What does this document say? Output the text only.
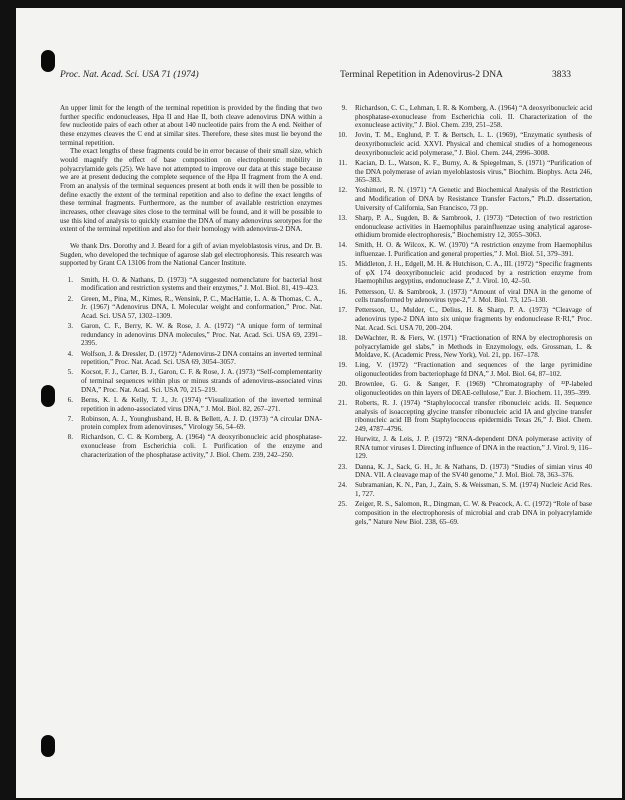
Proc. Nat. Acad. Sci. USA 71 (1974)	Terminal Repetition in Adenovirus-2 DNA	3833

An upper limit for the length of the terminal repetition is provided by the finding that two further specific endonucleases, Hpa II and Hae II, both cleave adenovirus DNA within a few nucleotide pairs of each other at about 140 nucleotide pairs from the A end. Neither of these enzymes cleaves the C end at similar sites. Therefore, these sites must lie beyond the terminal repetition.

The exact lengths of these fragments could be in error because of their small size, which would magnify the effect of base composition on electrophoretic mobility in polyacrylamide gels (25). We have not attempted to improve our data at this stage because we are at present deducing the complete sequence of the Hpa II fragment from the A end. From an analysis of the terminal sequences present at both ends it will then be possible to define exactly the extent of the terminal repetition and also to define the exact lengths of these terminal fragments. Furthermore, as the number of available restriction enzymes increases, other cleavage sites close to the terminal will be found, and it will be possible to use this kind of analysis to quickly examine the DNA of many adenovirus serotypes for the extent of the terminal repetition and also for their homology with adenovirus-2 DNA.

We thank Drs. Dorothy and J. Beard for a gift of avian myeloblastosis virus, and Dr. B. Sugden, who developed the technique of agarose slab gel electrophoresis. This research was supported by Grant CA 13106 from the National Cancer Institute.

1. Smith, H. O. & Nathans, D. (1973) “A suggested nomenclature for bacterial host modification and restriction systems and their enzymes,” J. Mol. Biol. 81, 419–423.
2. Green, M., Pina, M., Kimes, R., Wensink, P. C., MacHattie, L. A. & Thomas, C. A., Jr. (1967) “Adenovirus DNA, I. Molecular weight and conformation,” Proc. Nat. Acad. Sci. USA 57, 1302–1309.
3. Garon, C. F., Berry, K. W. & Rose, J. A. (1972) “A unique form of terminal redundancy in adenovirus DNA molecules,” Proc. Nat. Acad. Sci. USA 69, 2391–2395.
4. Wolfson, J. & Dressler, D. (1972) “Adenovirus-2 DNA contains an inverted terminal repetition,” Proc. Nat. Acad. Sci. USA 69, 3054–3057.
5. Kocsot, F. J., Carter, B. J., Garon, C. F. & Rose, J. A. (1973) “Self-complementarity of terminal sequences within plus or minus strands of adenovirus-associated virus DNA,” Proc. Nat. Acad. Sci. USA 70, 215–219.
6. Berns, K. I. & Kelly, T. J., Jr. (1974) “Visualization of the inverted terminal repetition in adeno-associated virus DNA,” J. Mol. Biol. 82, 267–271.
7. Robinson, A. J., Younghusband, H. B. & Bellett, A. J. D. (1973) “A circular DNA-protein complex from adenoviruses,” Virology 56, 54–69.
8. Richardson, C. C. & Kornberg, A. (1964) “A deoxyribonucleic acid phosphatase-exonuclease from Escherichia coli. I. Purification of the enzyme and characterization of the phosphatase activity,” J. Biol. Chem. 239, 242–250.
9. Richardson, C. C., Lehman, I. R. & Kornberg, A. (1964) “A deoxyribonucleic acid phosphatase-exonuclease from Escherichia coli. II. Characterization of the exonuclease activity,” J. Biol. Chem. 239, 251–258.
10. Jovin, T. M., Englund, P. T. & Bertsch, L. L. (1969), “Enzymatic synthesis of deoxyribonucleic acid. XXVI. Physical and chemical studies of a homogeneous deoxyribonucleic acid polymerase,” J. Biol. Chem. 244, 2996–3008.
11. Kacian, D. L., Watson, K. F., Burny, A. & Spiegelman, S. (1971) “Purification of the DNA polymerase of avian myeloblastosis virus,” Biochim. Biophys. Acta 246, 365–383.
12. Yoshimori, R. N. (1971) “A Genetic and Biochemical Analysis of the Restriction and Modification of DNA by Resistance Transfer Factors,” Ph.D. dissertation, University of California, San Francisco, 73 pp.
13. Sharp, P. A., Sugden, B. & Sambrook, J. (1973) “Detection of two restriction endonuclease activities in Haemophilus parainfluenzae using analytical agarose-ethidium bromide electrophoresis,” Biochemistry 12, 3055–3063.
14. Smith, H. O. & Wilcox, K. W. (1970) “A restriction enzyme from Haemophilus influenzae. I. Purification and general properties,” J. Mol. Biol. 51, 379–391.
15. Middleton, J. H., Edgell, M. H. & Hutchison, C. A., III. (1972) “Specific fragments of φX 174 deoxyribonucleic acid produced by a restriction enzyme from Haemophilus aegyptius, endonuclease Z,” J. Virol. 10, 42–50.
16. Pettersson, U. & Sambrook, J. (1973) “Amount of viral DNA in the genome of cells transformed by adenovirus type-2,” J. Mol. Biol. 73, 125–130.
17. Pettersson, U., Mulder, C., Delius, H. & Sharp, P. A. (1973) “Cleavage of adenovirus type-2 DNA into six unique fragments by endonuclease R·RI,” Proc. Nat. Acad. Sci. USA 70, 200–204.
18. DeWachter, R. & Fiers, W. (1971) “Fractionation of RNA by electrophoresis on polyacrylamide gel slabs,” in Methods in Enzymology, eds. Grossman, L. & Moldave, K. (Academic Press, New York), Vol. 21, pp. 167–178.
19. Ling, V. (1972) “Fractionation and sequences of the large pyrimidine oligonucleotides from bacteriophage fd DNA,” J. Mol. Biol. 64, 87–102.
20. Brownlee, G. G. & Sanger, F. (1969) “Chromatography of ³²P-labeled oligonucleotides on thin layers of DEAE-cellulose,” Eur. J. Biochem. 11, 395–399.
21. Roberts, R. J. (1974) “Staphylococcal transfer ribonucleic acids. II. Sequence analysis of isoaccepting glycine transfer ribonucleic acid IA and glycine transfer ribonucleic acid IB from Staphylococcus epidermidis Texas 26,” J. Biol. Chem. 249, 4787–4796.
22. Hurwitz, J. & Leis, J. P. (1972) “RNA-dependent DNA polymerase activity of RNA tumor viruses I. Directing influence of DNA in the reaction,” J. Virol. 9, 116–129.
23. Danna, K. J., Sack, G. H., Jr. & Nathans, D. (1973) “Studies of simian virus 40 DNA. VII. A cleavage map of the SV40 genome,” J. Mol. Biol. 78, 363–376.
24. Subramanian, K. N., Pan, J., Zain, S. & Weissman, S. M. (1974) Nucleic Acid Res. 1, 727.
25. Zeiger, R. S., Salomon, R., Dingman, C. W. & Peacock, A. C. (1972) “Role of base composition in the electrophoresis of microbial and crab DNA in polyacrylamide gels,” Nature New Biol. 238, 65–69.
